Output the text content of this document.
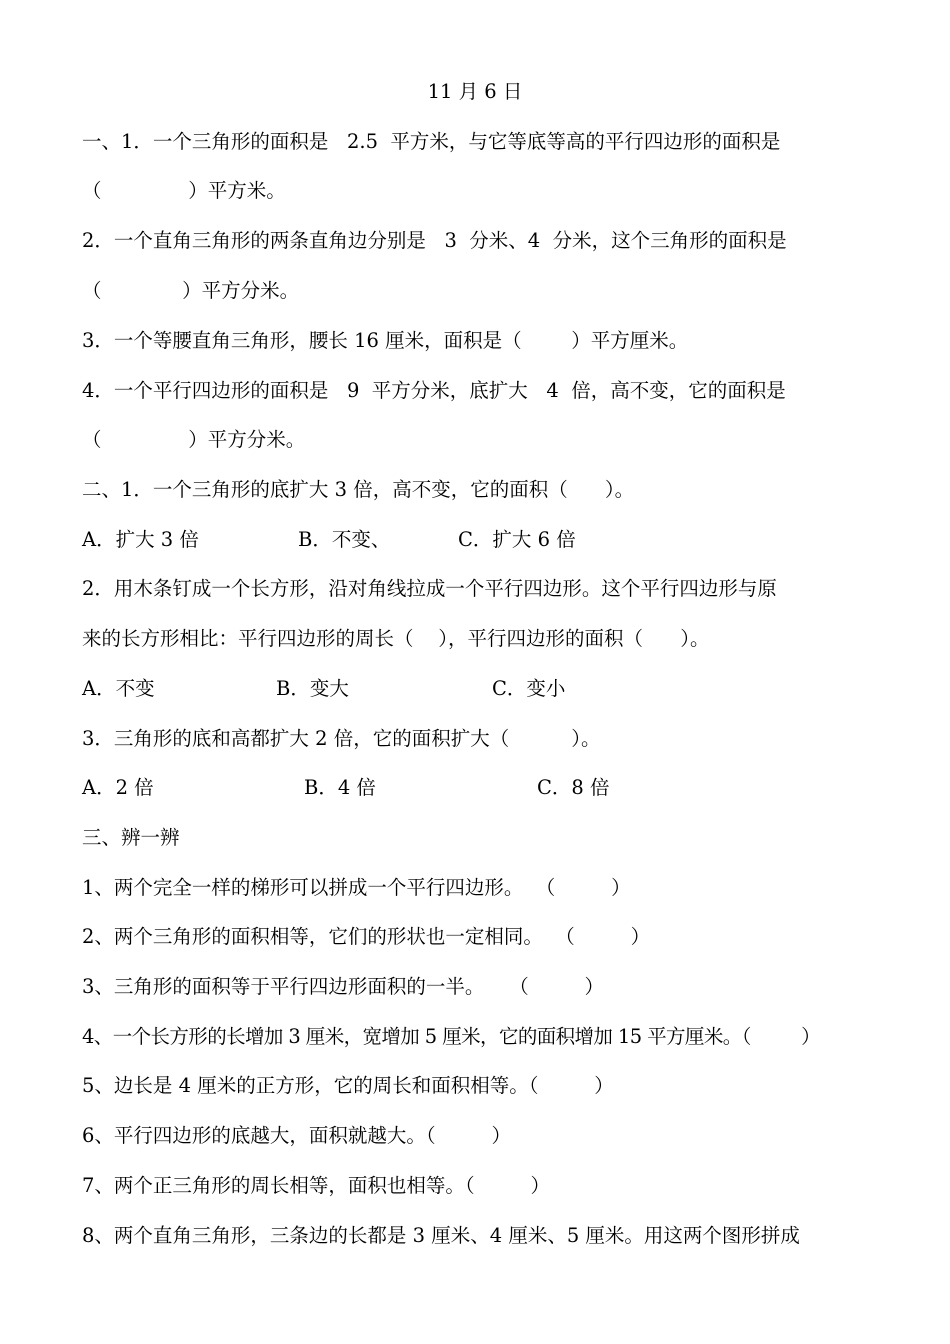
11 月 6 日
一、1．一个三角形的面积是   2.5  平方米，与它等底等高的平行四边形的面积是
（              ）平方米。
2．一个直角三角形的两条直角边分别是   3  分米、4  分米，这个三角形的面积是
（             ）平方分米。
3．一个等腰直角三角形，腰长 16 厘米，面积是（        ）平方厘米。
4．一个平行四边形的面积是   9  平方分米，底扩大   4  倍，高不变，它的面积是
（              ）平方分米。
二、1．一个三角形的底扩大 3 倍，高不变，它的面积（      ）。
A．扩大 3 倍	B．不变、	C．扩大 6 倍
2．用木条钉成一个长方形，沿对角线拉成一个平行四边形。这个平行四边形与原
来的长方形相比：平行四边形的周长（    ），平行四边形的面积（      ）。
A．不变	B．变大	C．变小
3．三角形的底和高都扩大 2 倍，它的面积扩大（          ）。
A．2 倍	B．4 倍	C．8 倍
三、辨一辨
1、两个完全一样的梯形可以拼成一个平行四边形。  （         ）
2、两个三角形的面积相等，它们的形状也一定相同。  （         ）
3、三角形的面积等于平行四边形面积的一半。    （         ）
4、一个长方形的长增加 3 厘米，宽增加 5 厘米，它的面积增加 15 平方厘米。（         ）
5、边长是 4 厘米的正方形，它的周长和面积相等。（         ）
6、平行四边形的底越大，面积就越大。（         ）
7、两个正三角形的周长相等，面积也相等。（         ）
8、两个直角三角形，三条边的长都是 3 厘米、4 厘米、5 厘米。用这两个图形拼成
